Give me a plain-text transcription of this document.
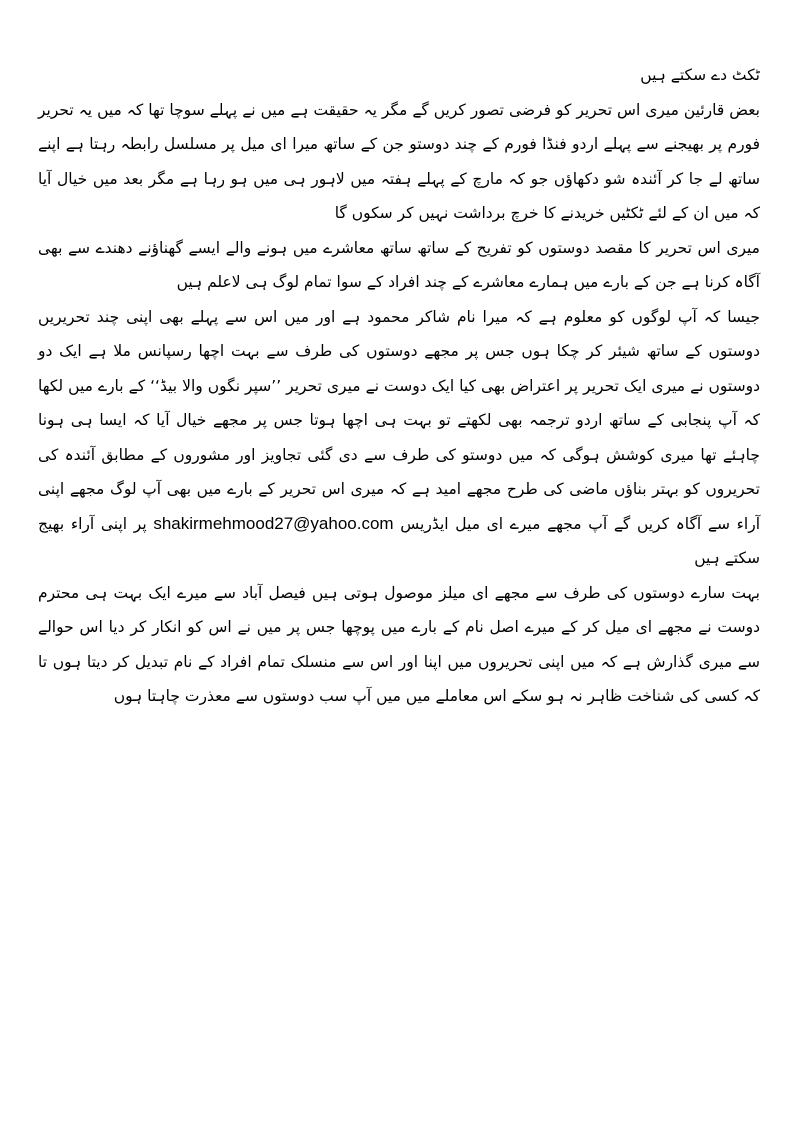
ٹکٹ دے سکتے ہیں

بعض قارئین میری اس تحریر کو فرضی تصور کریں گے مگر یہ حقیقت ہے میں نے پہلے سوچا تھا کہ میں یہ تحریر فورم پر بھیجنے سے پہلے اردو فنڈا فورم کے چند دوستو جن کے ساتھ میرا ای میل پر مسلسل رابطہ رہتا ہے اپنے ساتھ لے جا کر آئندہ شو دکھاؤں جو کہ مارچ کے پہلے ہفتہ میں لاہور ہی میں ہو رہا ہے مگر بعد میں خیال آیا کہ میں ان کے لئے ٹکٹیں خریدنے کا خرچ برداشت نہیں کر سکوں گا

میری اس تحریر کا مقصد دوستوں کو تفریح کے ساتھ ساتھ معاشرے میں ہونے والے ایسے گھناؤنے دھندے سے بھی آگاہ کرنا ہے جن کے بارے میں ہمارے معاشرے کے چند افراد کے سوا تمام لوگ ہی لاعلم ہیں

جیسا کہ آپ لوگوں کو معلوم ہے کہ میرا نام شاکر محمود ہے اور میں اس سے پہلے بھی اپنی چند تحریریں دوستوں کے ساتھ شیئر کر چکا ہوں جس پر مجھے دوستوں کی طرف سے بہت اچھا رسپانس ملا ہے ایک دو دوستوں نے میری ایک تحریر پر اعتراض بھی کیا ایک دوست نے میری تحریر ’’سپر نگوں والا بیڈ‘‘ کے بارے میں لکھا کہ آپ پنجابی کے ساتھ اردو ترجمہ بھی لکھتے تو بہت ہی اچھا ہوتا جس پر مجھے خیال آیا کہ ایسا ہی ہونا چاہئے تھا میری کوشش ہوگی کہ میں دوستو کی طرف سے دی گئی تجاویز اور مشوروں کے مطابق آئندہ کی تحریروں کو بہتر بناؤں ماضی کی طرح مجھے امید ہے کہ میری اس تحریر کے بارے میں بھی آپ لوگ مجھے اپنی آراء سے آگاہ کریں گے آپ مجھے میرے ای میل ایڈریس shakirmehmood27@yahoo.com پر اپنی آراء بھیج سکتے ہیں

بہت سارے دوستوں کی طرف سے مجھے ای میلز موصول ہوتی ہیں فیصل آباد سے میرے ایک بہت ہی محترم دوست نے مجھے ای میل کر کے میرے اصل نام کے بارے میں پوچھا جس پر میں نے اس کو انکار کر دیا اس حوالے سے میری گذارش ہے کہ میں اپنی تحریروں میں اپنا اور اس سے منسلک تمام افراد کے نام تبدیل کر دیتا ہوں تا کہ کسی کی شناخت ظاہر نہ ہو سکے اس معاملے میں میں آپ سب دوستوں سے معذرت چاہتا ہوں
